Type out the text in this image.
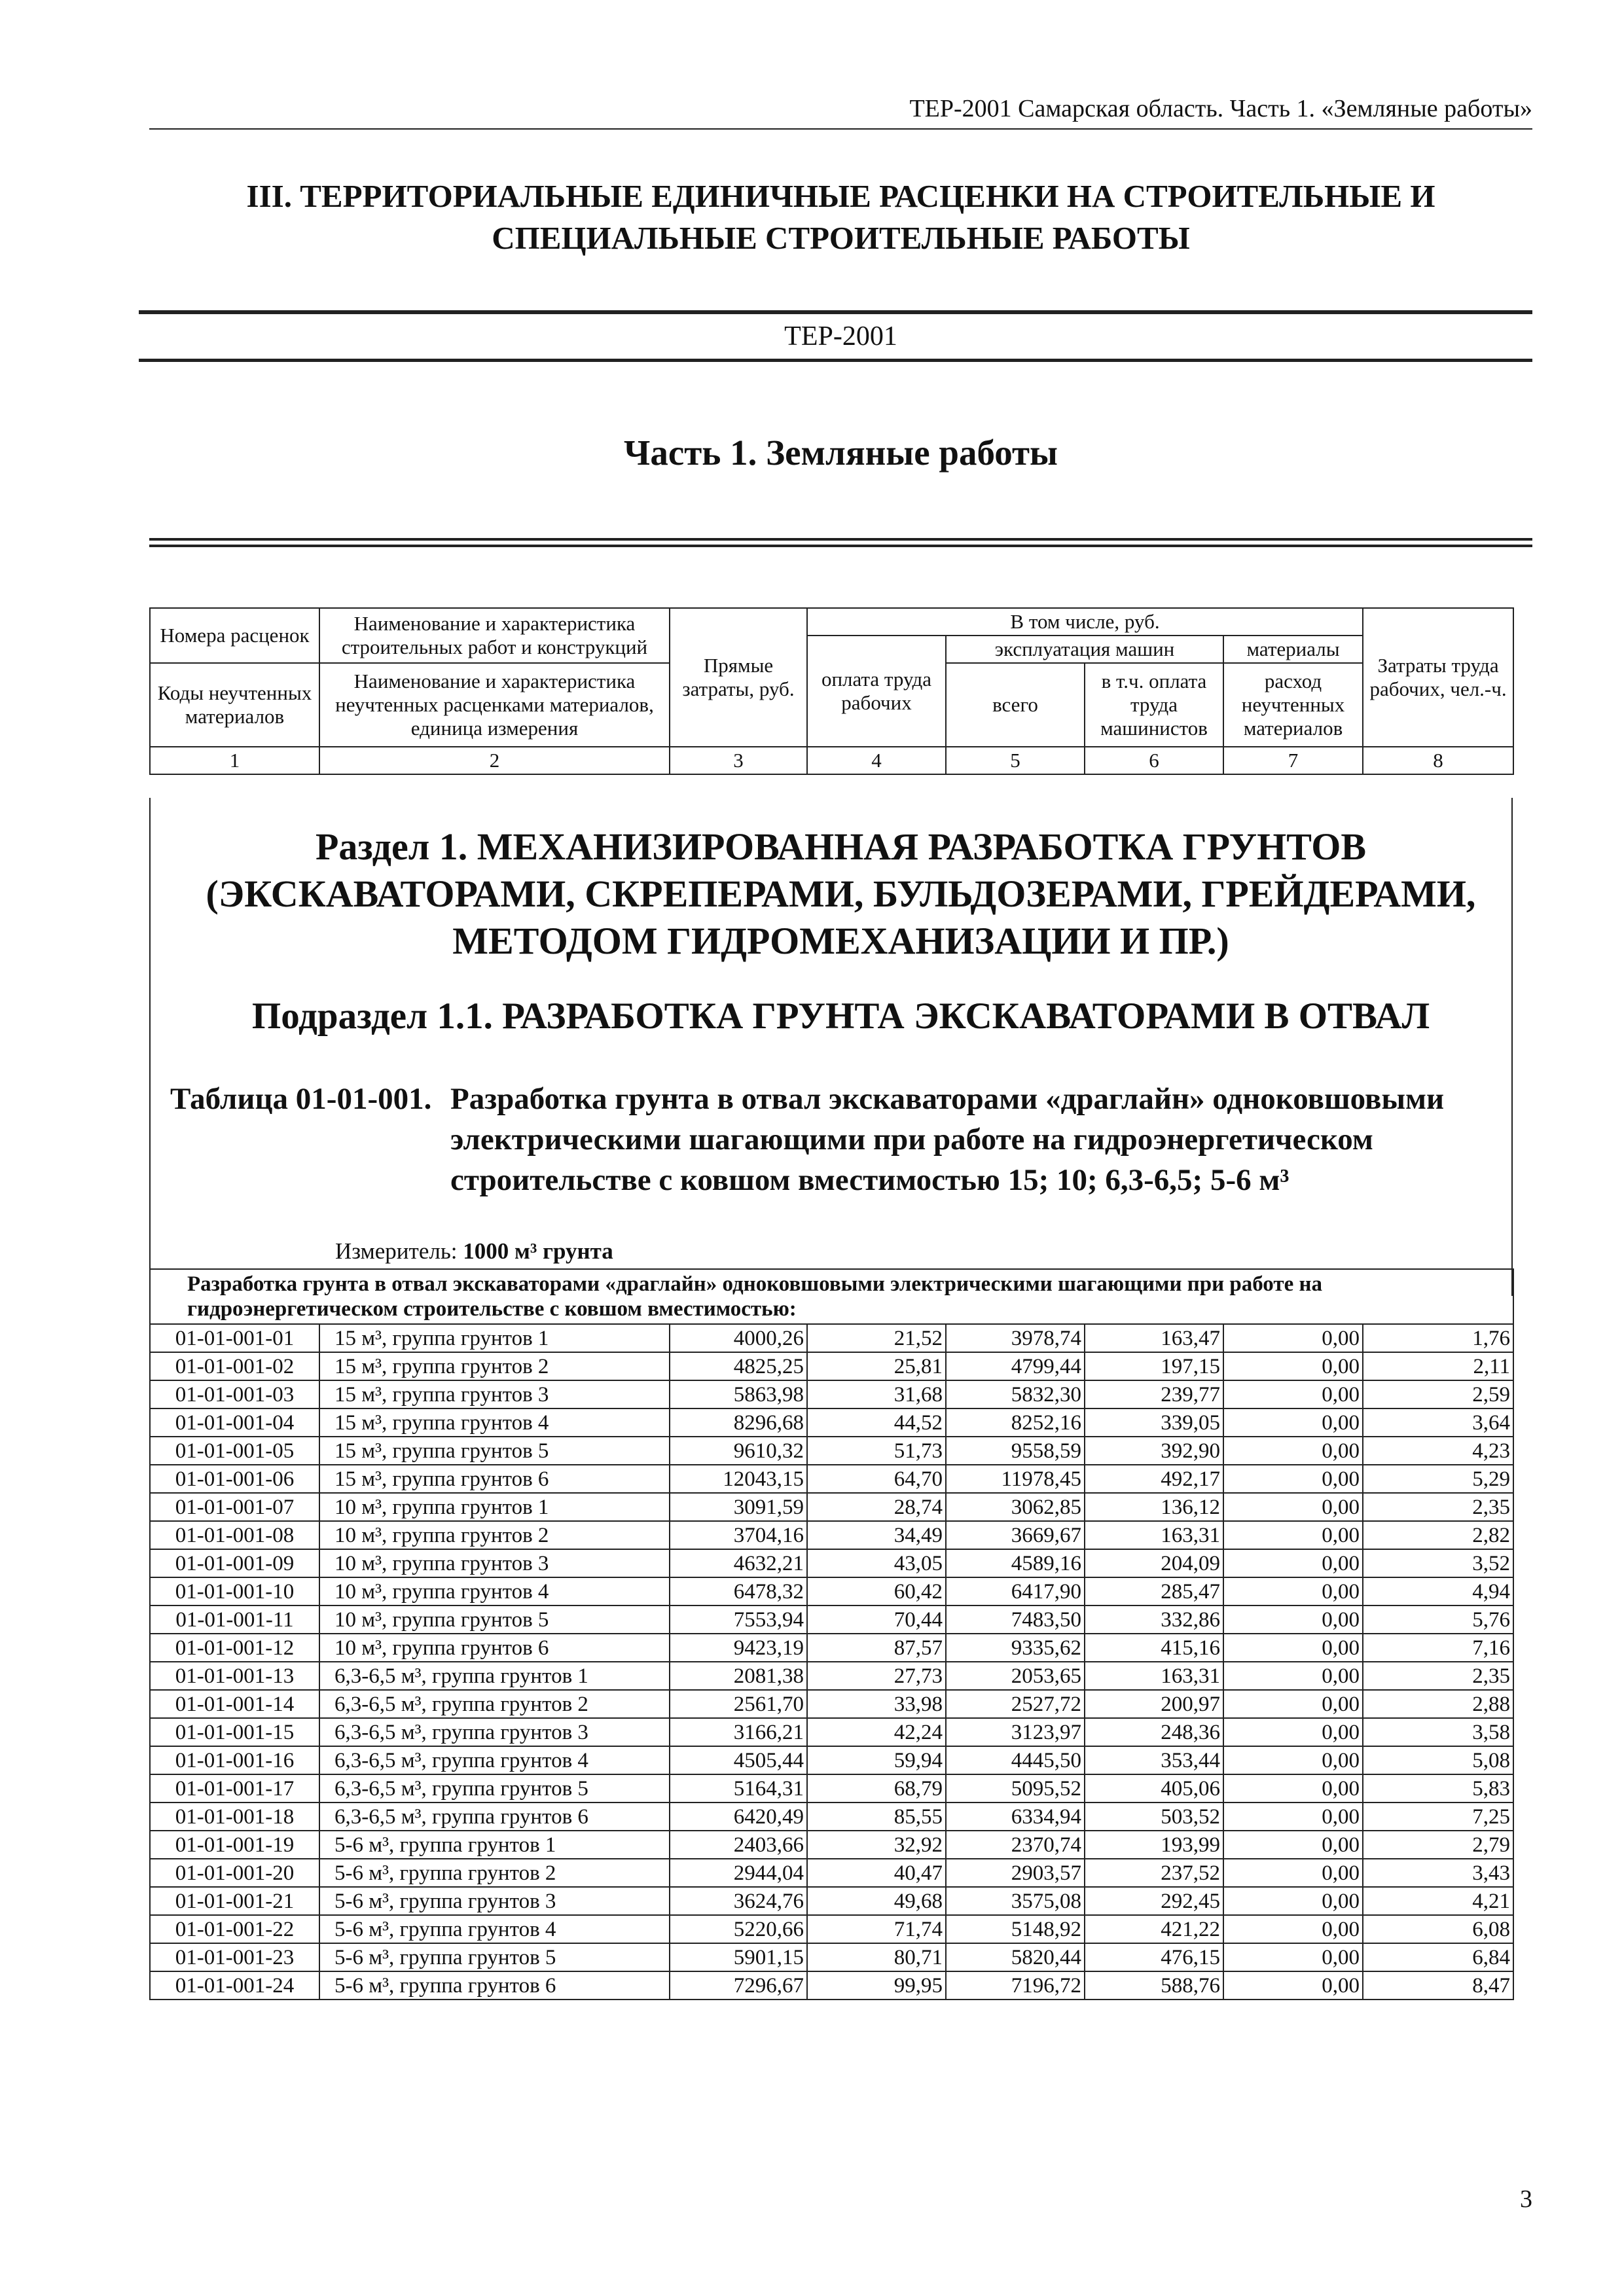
ТЕР-2001 Самарская область. Часть 1. «Земляные работы»
III. ТЕРРИТОРИАЛЬНЫЕ ЕДИНИЧНЫЕ РАСЦЕНКИ НА СТРОИТЕЛЬНЫЕ И
СПЕЦИАЛЬНЫЕ СТРОИТЕЛЬНЫЕ РАБОТЫ
ТЕР-2001
Часть 1. Земляные работы
Номера расценок	Наименование и характеристика строительных работ и конструкций	Прямые затраты, руб.	В том числе, руб.				Затраты труда рабочих, чел.-ч.
			оплата труда рабочих	эксплуатация машин		материалы	
Коды неучтенных материалов	Наименование и характеристика неучтенных расценками материалов, единица измерения			всего	в т.ч. оплата труда машинистов	расход неучтенных материалов	

1	2	3	4	5	6	7	8
Раздел 1. МЕХАНИЗИРОВАННАЯ РАЗРАБОТКА ГРУНТОВ
(ЭКСКАВАТОРАМИ, СКРЕПЕРАМИ, БУЛЬДОЗЕРАМИ, ГРЕЙДЕРАМИ,
МЕТОДОМ ГИДРОМЕХАНИЗАЦИИ И ПР.)
Подраздел 1.1. РАЗРАБОТКА ГРУНТА ЭКСКАВАТОРАМИ В ОТВАЛ
Таблица 01-01-001. Разработка грунта в отвал экскаваторами «драглайн» одноковшовыми электрическими шагающими при работе на гидроэнергетическом строительстве с ковшом вместимостью 15; 10; 6,3-6,5; 5-6 м³
Измеритель: 1000 м³ грунта
Разработка грунта в отвал экскаваторами «драглайн» одноковшовыми электрическими шагающими при работе на гидроэнергетическом строительстве с ковшом вместимостью:							
01-01-001-01	15 м³, группа грунтов 1	4000,26	21,52	3978,74	163,47	0,00	1,76
01-01-001-02	15 м³, группа грунтов 2	4825,25	25,81	4799,44	197,15	0,00	2,11
01-01-001-03	15 м³, группа грунтов 3	5863,98	31,68	5832,30	239,77	0,00	2,59
01-01-001-04	15 м³, группа грунтов 4	8296,68	44,52	8252,16	339,05	0,00	3,64
01-01-001-05	15 м³, группа грунтов 5	9610,32	51,73	9558,59	392,90	0,00	4,23
01-01-001-06	15 м³, группа грунтов 6	12043,15	64,70	11978,45	492,17	0,00	5,29
01-01-001-07	10 м³, группа грунтов 1	3091,59	28,74	3062,85	136,12	0,00	2,35
01-01-001-08	10 м³, группа грунтов 2	3704,16	34,49	3669,67	163,31	0,00	2,82
01-01-001-09	10 м³, группа грунтов 3	4632,21	43,05	4589,16	204,09	0,00	3,52
01-01-001-10	10 м³, группа грунтов 4	6478,32	60,42	6417,90	285,47	0,00	4,94
01-01-001-11	10 м³, группа грунтов 5	7553,94	70,44	7483,50	332,86	0,00	5,76
01-01-001-12	10 м³, группа грунтов 6	9423,19	87,57	9335,62	415,16	0,00	7,16
01-01-001-13	6,3-6,5 м³, группа грунтов 1	2081,38	27,73	2053,65	163,31	0,00	2,35
01-01-001-14	6,3-6,5 м³, группа грунтов 2	2561,70	33,98	2527,72	200,97	0,00	2,88
01-01-001-15	6,3-6,5 м³, группа грунтов 3	3166,21	42,24	3123,97	248,36	0,00	3,58
01-01-001-16	6,3-6,5 м³, группа грунтов 4	4505,44	59,94	4445,50	353,44	0,00	5,08
01-01-001-17	6,3-6,5 м³, группа грунтов 5	5164,31	68,79	5095,52	405,06	0,00	5,83
01-01-001-18	6,3-6,5 м³, группа грунтов 6	6420,49	85,55	6334,94	503,52	0,00	7,25
01-01-001-19	5-6 м³, группа грунтов 1	2403,66	32,92	2370,74	193,99	0,00	2,79
01-01-001-20	5-6 м³, группа грунтов 2	2944,04	40,47	2903,57	237,52	0,00	3,43
01-01-001-21	5-6 м³, группа грунтов 3	3624,76	49,68	3575,08	292,45	0,00	4,21
01-01-001-22	5-6 м³, группа грунтов 4	5220,66	71,74	5148,92	421,22	0,00	6,08
01-01-001-23	5-6 м³, группа грунтов 5	5901,15	80,71	5820,44	476,15	0,00	6,84
01-01-001-24	5-6 м³, группа грунтов 6	7296,67	99,95	7196,72	588,76	0,00	8,47
3
